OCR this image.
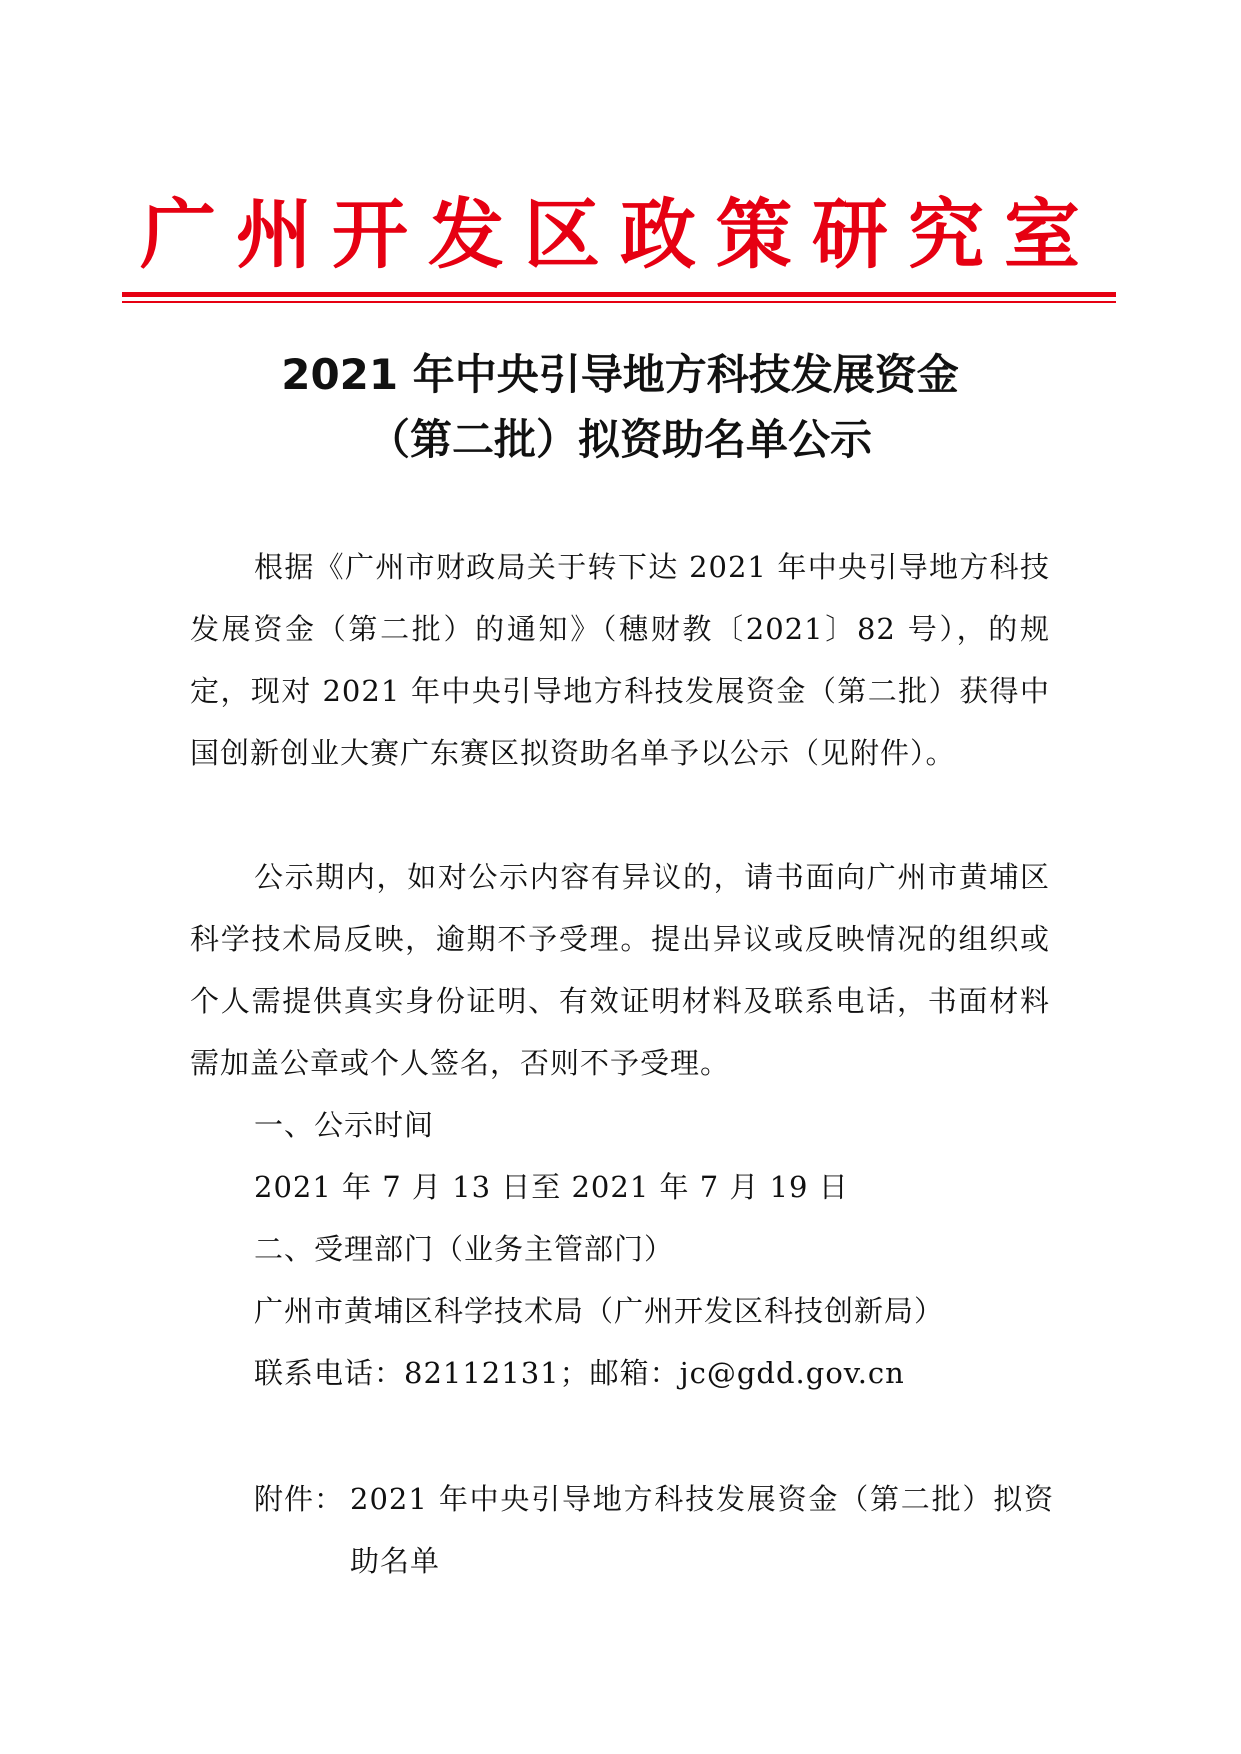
广州开发区政策研究室
2021 年中央引导地方科技发展资金
（第二批）拟资助名单公示
根据《广州市财政局关于转下达 2021 年中央引导地方科技发展资金（第二批）的通知》（穗财教〔2021〕82 号），的规定，现对 2021 年中央引导地方科技发展资金（第二批）获得中国创新创业大赛广东赛区拟资助名单予以公示（见附件）。
公示期内，如对公示内容有异议的，请书面向广州市黄埔区科学技术局反映，逾期不予受理。提出异议或反映情况的组织或个人需提供真实身份证明、有效证明材料及联系电话，书面材料需加盖公章或个人签名，否则不予受理。
一、公示时间
2021 年 7 月 13 日至 2021 年 7 月 19 日
二、受理部门（业务主管部门）
广州市黄埔区科学技术局（广州开发区科技创新局）
联系电话：82112131；邮箱：jc@gdd.gov.cn
附件： 2021 年中央引导地方科技发展资金（第二批）拟资助名单
